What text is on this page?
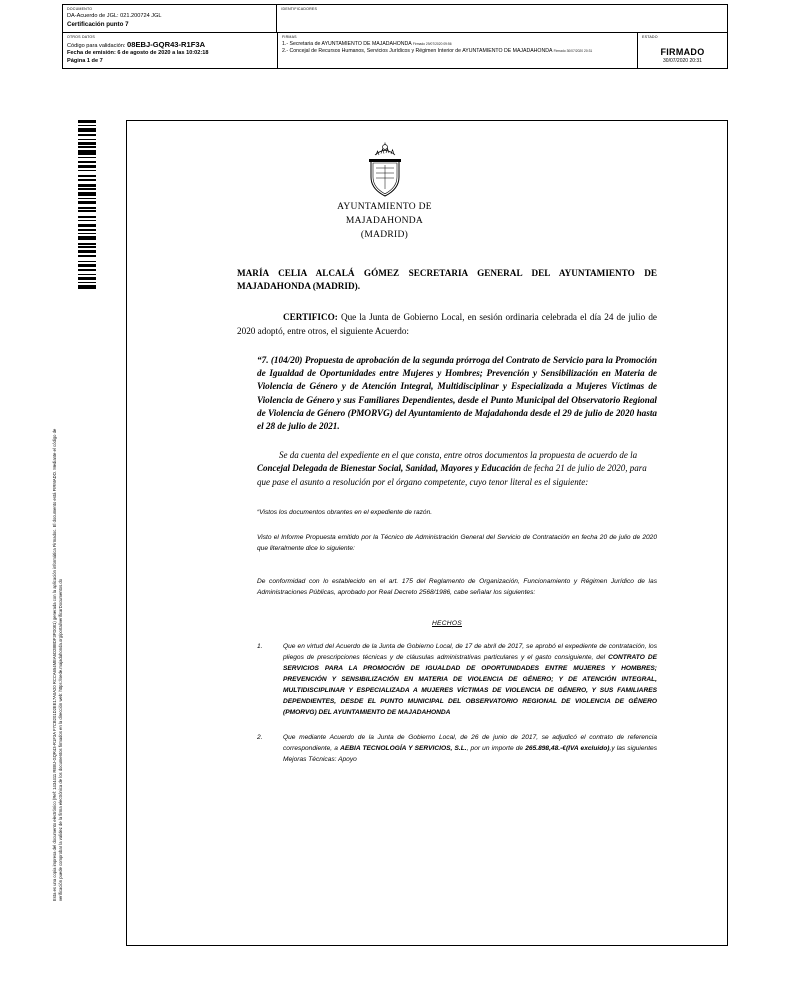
DOCUMENTO
DA-Acuerdo de JGL: 021.200724 JGL
Certificación punto 7
IDENTIFICADORES
OTROS DATOS
Código para validación: 08EBJ-GQR43-R1F3A
Fecha de emisión: 6 de agosto de 2020 a las 10:02:18
Página 1 de 7
FIRMAS
1.- Secretaria de AYUNTAMIENTO DE MAJADAHONDA Firmado 29/07/2020 09:56
2.- Concejal de Recursos Humanos, Servicios Jurídicos y Régimen Interior de AYUNTAMIENTO DE MAJADAHONDA Firmado 30/07/2020 20:31
ESTADO
FIRMADO
30/07/2020 20:31
Esta es una copia impresa del documento electrónico (Ref: 1434411 REBJ-GQR43-R1F3A F7CB201D2EE17A0A20 RCCA654MEA5D2BBDF3FD081) generada con la aplicación informática Firmadoc. El documento está FIRMADO. Mediante el código de verificación puede comprobar la validez de la firma electrónica de los documentos firmados en la dirección web: https://sede.majadahonda.org/portal/verificarDocumentos.do
AYUNTAMIENTO DE
MAJADAHONDA
(MADRID)

MARÍA CELIA ALCALÁ GÓMEZ SECRETARIA GENERAL DEL AYUNTAMIENTO DE MAJADAHONDA (MADRID).

CERTIFICO: Que la Junta de Gobierno Local, en sesión ordinaria celebrada el día 24 de julio de 2020 adoptó, entre otros, el siguiente Acuerdo:

“7. (104/20) Propuesta de aprobación de la segunda prórroga del Contrato de Servicio para la Promoción de Igualdad de Oportunidades entre Mujeres y Hombres; Prevención y Sensibilización en Materia de Violencia de Género y de Atención Integral, Multidisciplinar y Especializada a Mujeres Víctimas de Violencia de Género y sus Familiares Dependientes, desde el Punto Municipal del Observatorio Regional de Violencia de Género (PMORVG) del Ayuntamiento de Majadahonda desde el 29 de julio de 2020 hasta el 28 de julio de 2021.

Se da cuenta del expediente en el que consta, entre otros documentos la propuesta de acuerdo de la Concejal Delegada de Bienestar Social, Sanidad, Mayores y Educación de fecha 21 de julio de 2020, para que pase el asunto a resolución por el órgano competente, cuyo tenor literal es el siguiente:

“Vistos los documentos obrantes en el expediente de razón.

Visto el Informe Propuesta emitido por la Técnico de Administración General del Servicio de Contratación en fecha 20 de julio de 2020 que literalmente dice lo siguiente:

De conformidad con lo establecido en el art. 175 del Reglamento de Organización, Funcionamiento y Régimen Jurídico de las Administraciones Públicas, aprobado por Real Decreto 2568/1986, cabe señalar los siguientes:

HECHOS
1.	Que en virtud del Acuerdo de la Junta de Gobierno Local, de 17 de abril de 2017, se aprobó el expediente de contratación, los pliegos de prescripciones técnicas y de cláusulas administrativas particulares y el gasto consiguiente, del CONTRATO DE SERVICIOS PARA LA PROMOCIÓN DE IGUALDAD DE OPORTUNIDADES ENTRE MUJERES Y HOMBRES; PREVENCIÓN Y SENSIBILIZACIÓN EN MATERIA DE VIOLENCIA DE GÉNERO; Y DE ATENCIÓN INTEGRAL, MULTIDISCIPLINAR Y ESPECIALIZADA A MUJERES VÍCTIMAS DE VIOLENCIA DE GÉNERO, Y SUS FAMILIARES DEPENDIENTES, DESDE EL PUNTO MUNICIPAL DEL OBSERVATORIO REGIONAL DE VIOLENCIA DE GÉNERO (PMORVG) DEL AYUNTAMIENTO DE MAJADAHONDA
2.	Que mediante Acuerdo de la Junta de Gobierno Local, de 26 de junio de 2017, se adjudicó el contrato de referencia correspondiente, a AEBIA TECNOLOGÍA Y SERVICIOS, S.L., por un importe de 265.898,48.-€(IVA excluido),y las siguientes Mejoras Técnicas: Apoyo
